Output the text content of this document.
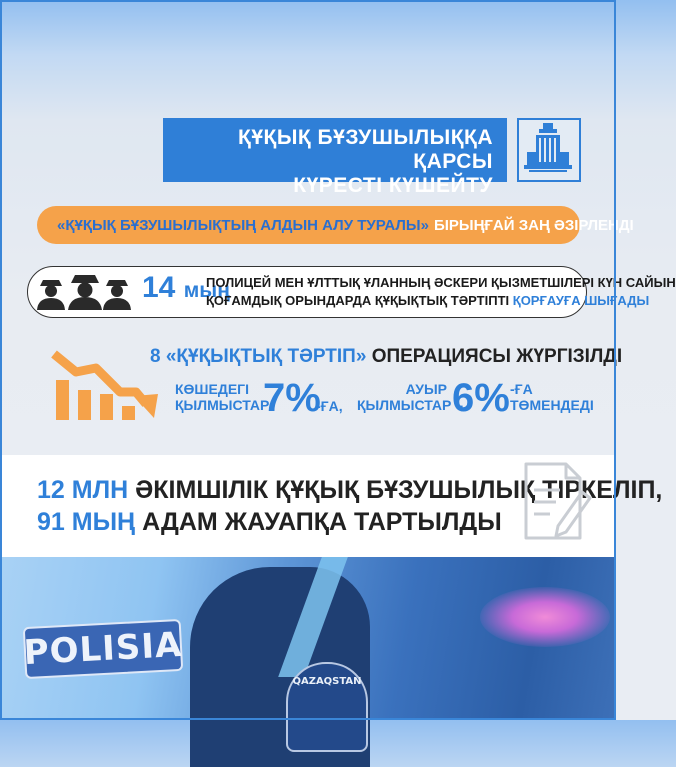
ҚҰҚЫҚ БҰЗУШЫЛЫҚҚА ҚАРСЫ
КҮРЕСТІ КҮШЕЙТУ
«ҚҰҚЫҚ БҰЗУШЫЛЫҚТЫҢ АЛДЫН АЛУ ТУРАЛЫ» БІРЫҢҒАЙ ЗАҢ ӘЗІРЛЕНДІ
14 мың
ПОЛИЦЕЙ МЕН ҰЛТТЫҚ ҰЛАННЫҢ ӘСКЕРИ ҚЫЗМЕТШІЛЕРІ КҮН САЙЫН
ҚОҒАМДЫҚ ОРЫНДАРДА ҚҰҚЫҚТЫҚ ТӘРТІПТІ ҚОРҒАУҒА ШЫҒАДЫ
8 «ҚҰҚЫҚТЫҚ ТӘРТІП» ОПЕРАЦИЯСЫ ЖҮРГІЗІЛДІ
КӨШЕДЕГІ
ҚЫЛМЫСТАР
7%
-ҒА,
АУЫР
ҚЫЛМЫСТАР –
6% -ҒА
ТӨМЕНДЕДІ
12 МЛН ӘКІМШІЛІК ҚҰҚЫҚ БҰЗУШЫЛЫҚ ТІРКЕЛІП,
91 МЫҢ АДАМ ЖАУАПҚА ТАРТЫЛДЫ
POLISIA
QAZAQSTAN
